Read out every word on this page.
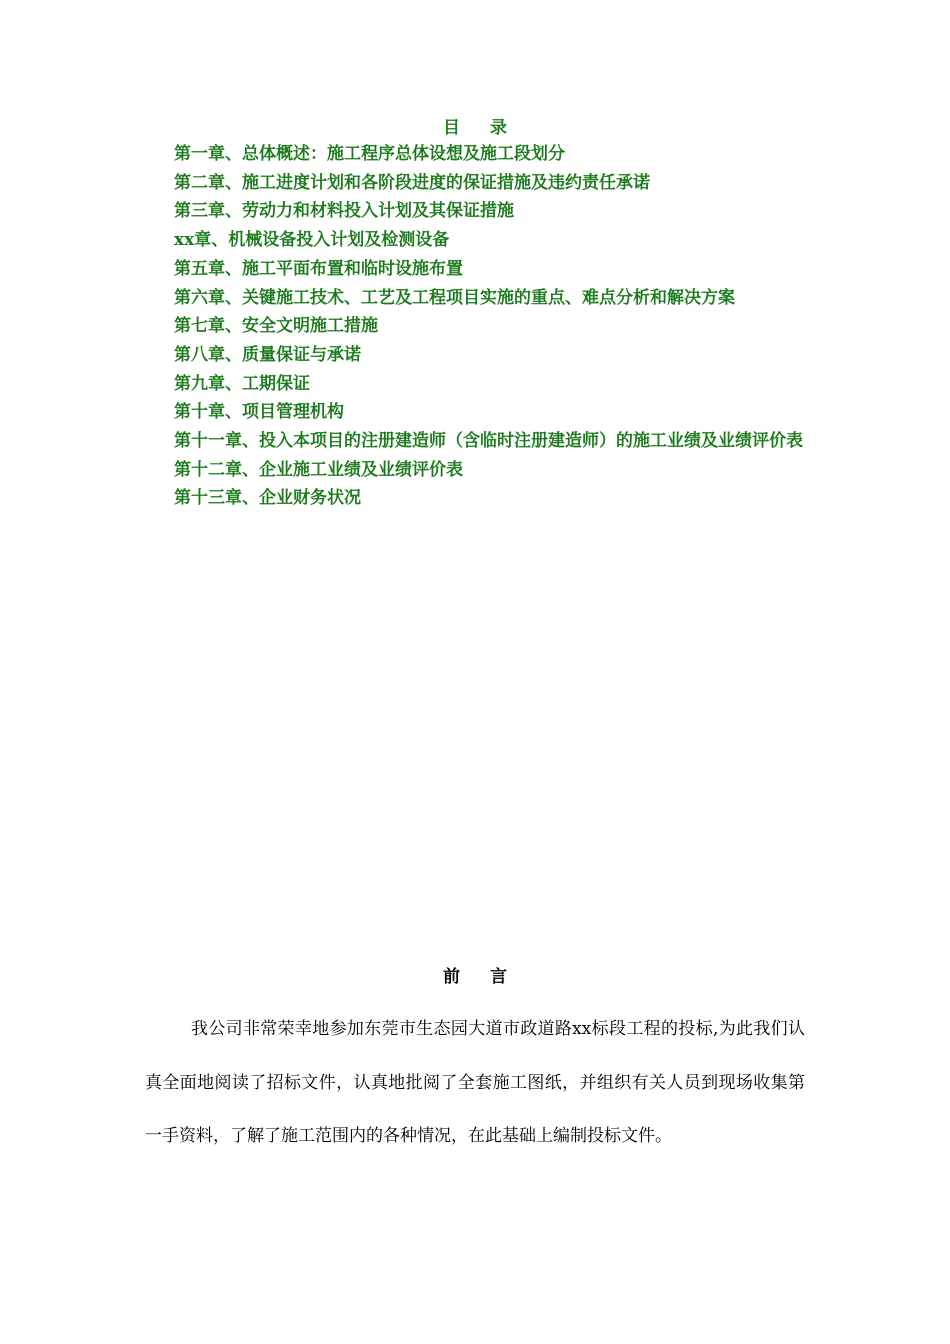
目 录
第一章、总体概述：施工程序总体设想及施工段划分
第二章、施工进度计划和各阶段进度的保证措施及违约责任承诺
第三章、劳动力和材料投入计划及其保证措施
xx章、机械设备投入计划及检测设备
第五章、施工平面布置和临时设施布置
第六章、关键施工技术、工艺及工程项目实施的重点、难点分析和解决方案
第七章、安全文明施工措施
第八章、质量保证与承诺
第九章、工期保证
第十章、项目管理机构
第十一章、投入本项目的注册建造师（含临时注册建造师）的施工业绩及业绩评价表
第十二章、企业施工业绩及业绩评价表
第十三章、企业财务状况
前 言

我公司非常荣幸地参加东莞市生态园大道市政道路xx标段工程的投标,为此我们认真全面地阅读了招标文件，认真地批阅了全套施工图纸，并组织有关人员到现场收集第一手资料，了解了施工范围内的各种情况，在此基础上编制投标文件。
